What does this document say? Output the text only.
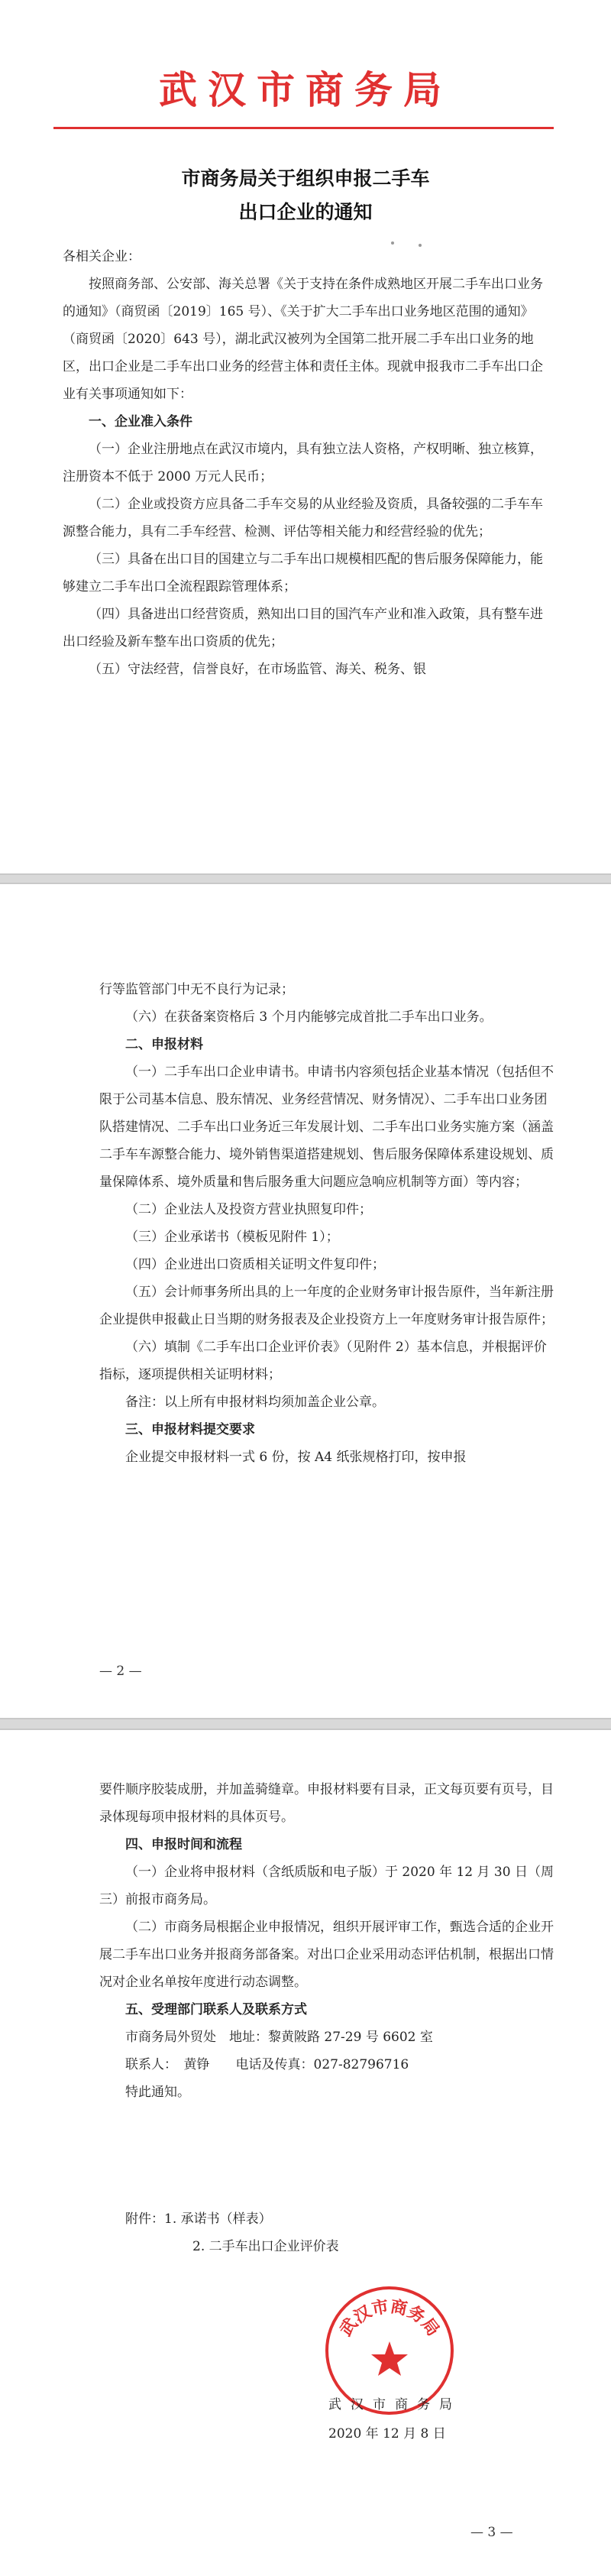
武汉市商务局
市商务局关于组织申报二手车
出口企业的通知

各相关企业：

按照商务部、公安部、海关总署《关于支持在条件成熟地区开展二手车出口业务的通知》（商贸函〔2019〕165 号）、《关于扩大二手车出口业务地区范围的通知》（商贸函〔2020〕643 号），湖北武汉被列为全国第二批开展二手车出口业务的地区，出口企业是二手车出口业务的经营主体和责任主体。现就申报我市二手车出口企业有关事项通知如下：

一、企业准入条件

（一）企业注册地点在武汉市境内，具有独立法人资格，产权明晰、独立核算，注册资本不低于 2000 万元人民币；

（二）企业或投资方应具备二手车交易的从业经验及资质，具备较强的二手车车源整合能力，具有二手车经营、检测、评估等相关能力和经营经验的优先；

（三）具备在出口目的国建立与二手车出口规模相匹配的售后服务保障能力，能够建立二手车出口全流程跟踪管理体系；

（四）具备进出口经营资质，熟知出口目的国汽车产业和准入政策，具有整车进出口经验及新车整车出口资质的优先；

（五）守法经营，信誉良好，在市场监管、海关、税务、银

行等监管部门中无不良行为记录；

（六）在获备案资格后 3 个月内能够完成首批二手车出口业务。

二、申报材料

（一）二手车出口企业申请书。申请书内容须包括企业基本情况（包括但不限于公司基本信息、股东情况、业务经营情况、财务情况）、二手车出口业务团队搭建情况、二手车出口业务近三年发展计划、二手车出口业务实施方案（涵盖二手车车源整合能力、境外销售渠道搭建规划、售后服务保障体系建设规划、质量保障体系、境外质量和售后服务重大问题应急响应机制等方面）等内容；

（二）企业法人及投资方营业执照复印件；

（三）企业承诺书（模板见附件 1）；

（四）企业进出口资质相关证明文件复印件；

（五）会计师事务所出具的上一年度的企业财务审计报告原件，当年新注册企业提供申报截止日当期的财务报表及企业投资方上一年度财务审计报告原件；

（六）填制《二手车出口企业评价表》（见附件 2）基本信息，并根据评价指标，逐项提供相关证明材料；

备注：以上所有申报材料均须加盖企业公章。

三、申报材料提交要求

企业提交申报材料一式 6 份，按 A4 纸张规格打印，按申报

— 2 —

要件顺序胶装成册，并加盖骑缝章。申报材料要有目录，正文每页要有页号，目录体现每项申报材料的具体页号。

四、申报时间和流程

（一）企业将申报材料（含纸质版和电子版）于 2020 年 12 月 30 日（周三）前报市商务局。

（二）市商务局根据企业申报情况，组织开展评审工作，甄选合适的企业开展二手车出口业务并报商务部备案。对出口企业采用动态评估机制，根据出口情况对企业名单按年度进行动态调整。

五、受理部门联系人及联系方式

市商务局外贸处　地址：黎黄陂路 27-29 号 6602 室

联系人：　黄铮　　电话及传真：027-82796716

特此通知。

附件：1. 承诺书（样表）

2. 二手车出口企业评价表

武汉市商务局
武汉市商务局
2020 年 12 月 8 日
— 3 —
